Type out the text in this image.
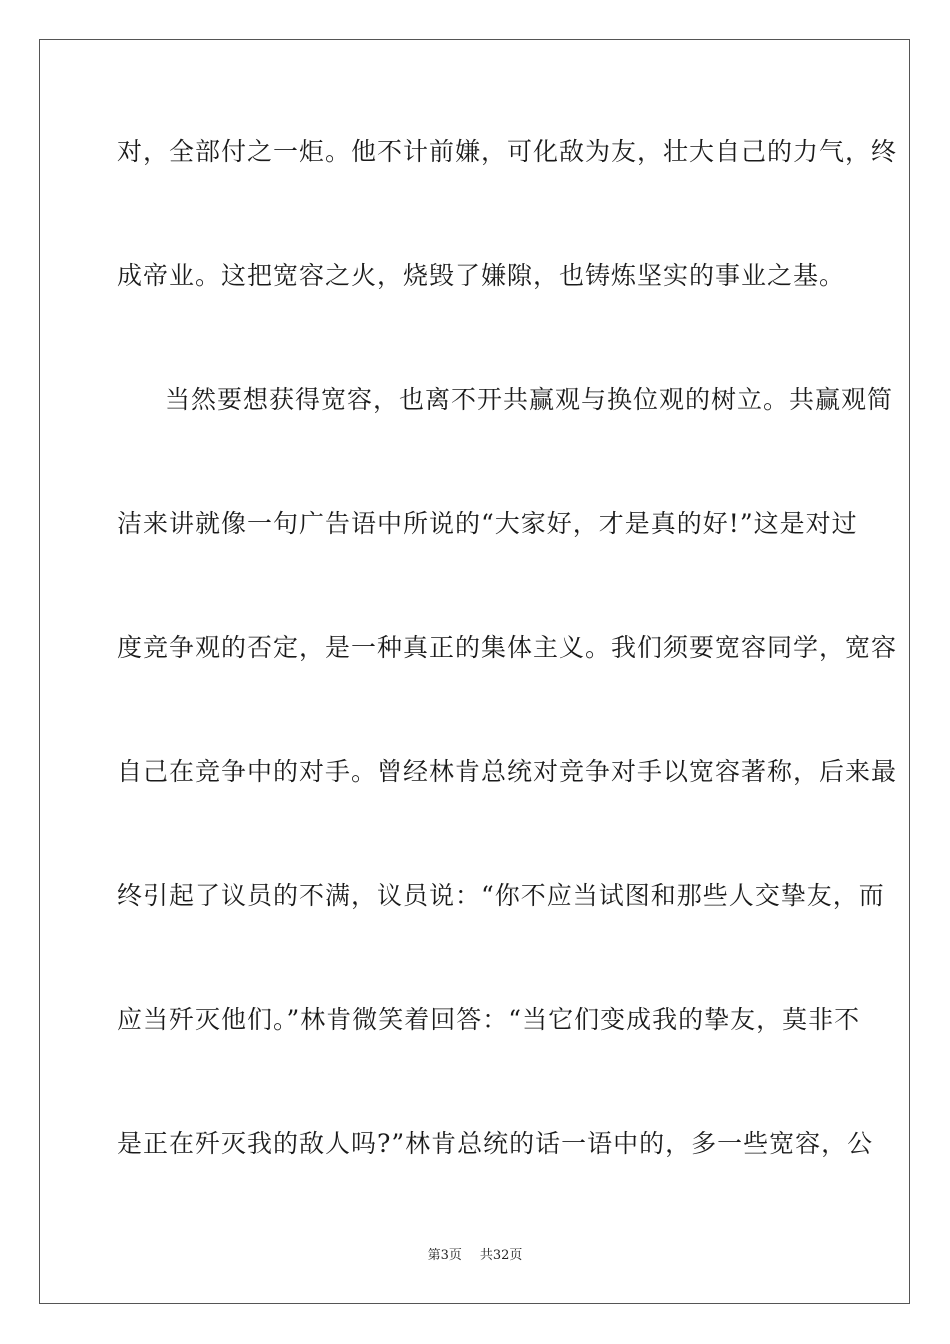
对，全部付之一炬。他不计前嫌，可化敌为友，壮大自己的力气，终
成帝业。这把宽容之火，烧毁了嫌隙，也铸炼坚实的事业之基。
当然要想获得宽容，也离不开共赢观与换位观的树立。共赢观简
洁来讲就像一句广告语中所说的“大家好，才是真的好!”这是对过
度竞争观的否定，是一种真正的集体主义。我们须要宽容同学，宽容
自己在竞争中的对手。曾经林肯总统对竞争对手以宽容著称，后来最
终引起了议员的不满，议员说：“你不应当试图和那些人交挚友，而
应当歼灭他们。”林肯微笑着回答：“当它们变成我的挚友，莫非不
是正在歼灭我的敌人吗?”林肯总统的话一语中的，多一些宽容，公
第3页 共32页
